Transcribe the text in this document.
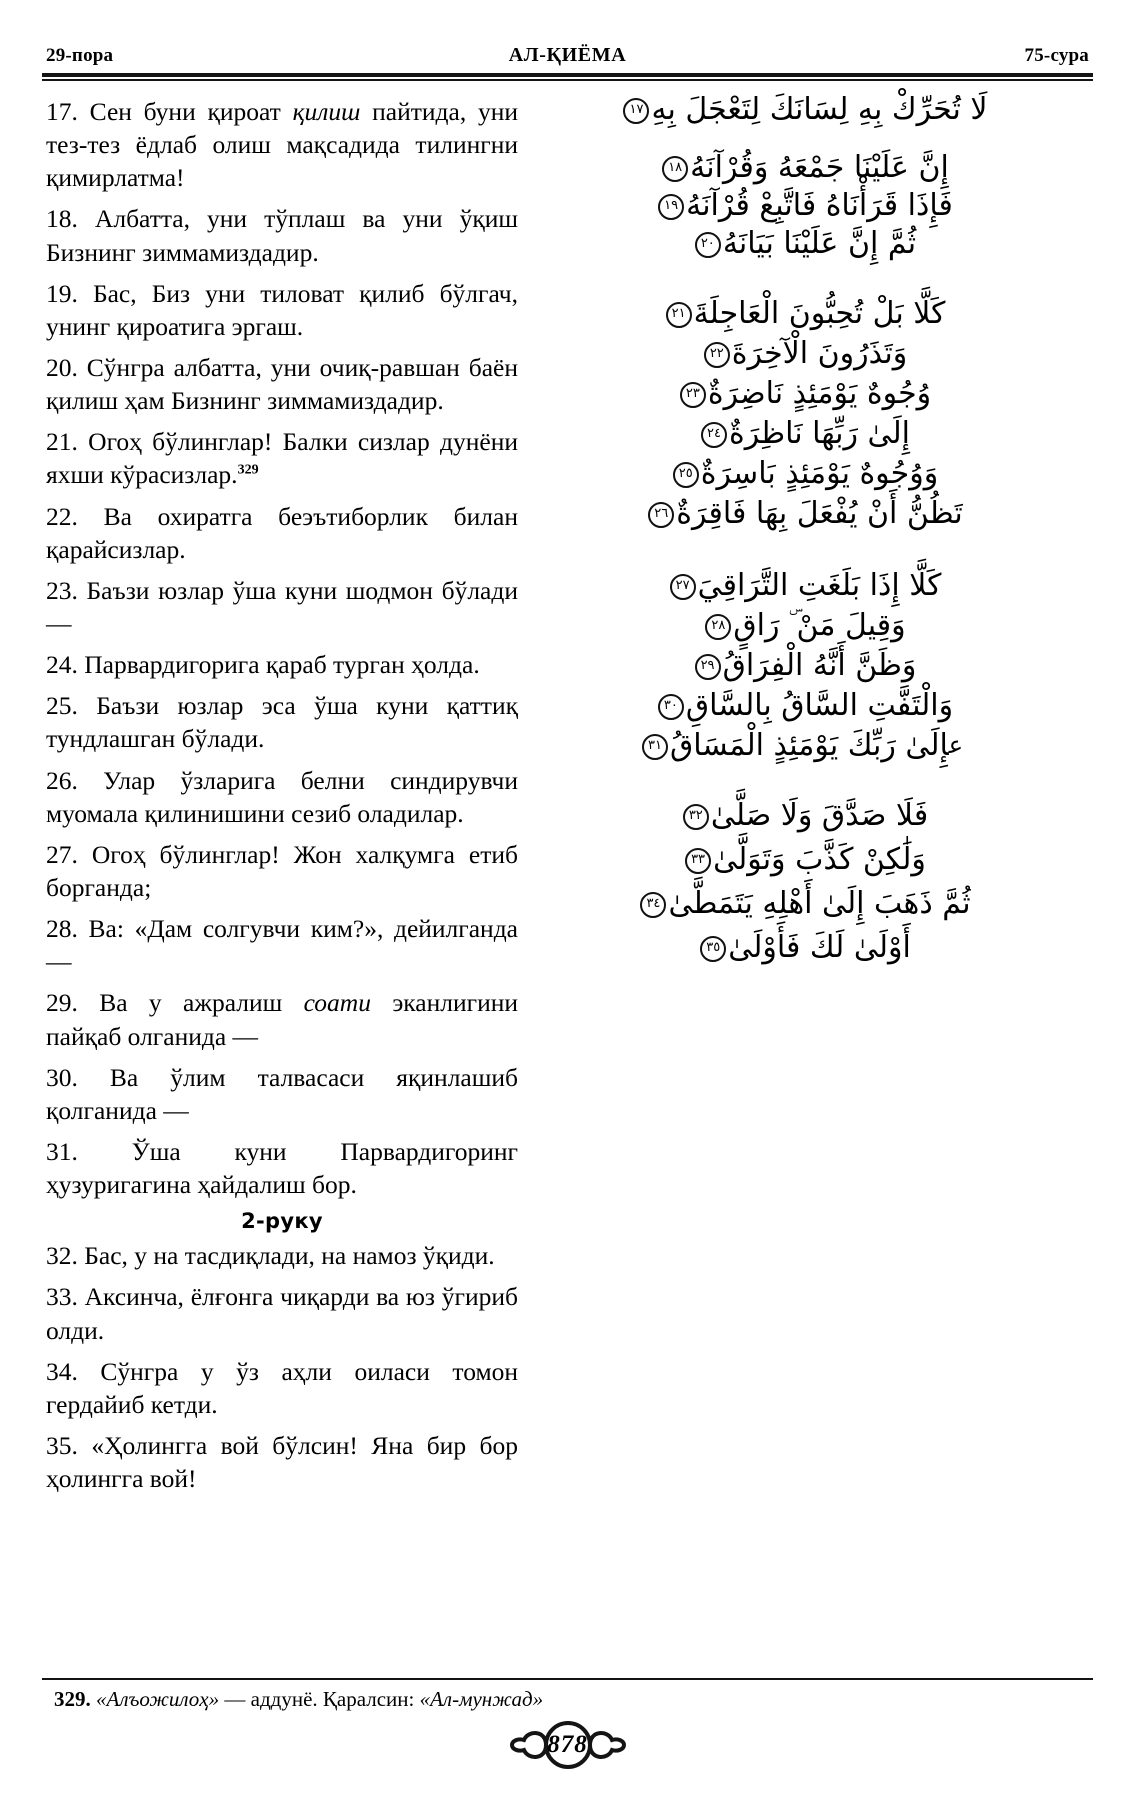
29-пора	АЛ-ҚИЁМА	75-сура

17. Сен буни қироат қилиш пайтида, уни тез-тез ёдлаб олиш мақсадида тилингни қимирлатма!

18. Албатта, уни тўплаш ва уни ўқиш Бизнинг зиммамиздадир.

19. Бас, Биз уни тиловат қилиб бўлгач, унинг қироатига эргаш.

20. Сўнгра албатта, уни очиқ-равшан баён қилиш ҳам Бизнинг зиммамиздадир.

21. Огоҳ бўлинглар! Балки сизлар дунёни яхши кўрасизлар.$^{329}$

22. Ва охиратга беэътиборлик билан қарайсизлар.

23. Баъзи юзлар ўша куни шодмон бўлади —

24. Парвардигорига қараб турган ҳолда.

25. Баъзи юзлар эса ўша куни қаттиқ тундлашган бўлади.

26. Улар ўзларига белни синдирувчи муомала қилинишини сезиб оладилар.

27. Огоҳ бўлинглар! Жон халқумга етиб борганда;

28. Ва: «Дам солгувчи ким?», дейилганда —

29. Ва у ажралиш соати эканлигини пайқаб олганида —

30. Ва ўлим талвасаси яқинлашиб қолганида —

31. Ўша куни Парвардигоринг ҳузуригагина ҳайдалиш бор.

2-руку

32. Бас, у на тасдиқлади, на намоз ўқиди.

33. Аксинча, ёлғонга чиқарди ва юз ўгириб олди.

34. Сўнгра у ўз аҳли оиласи томон гердайиб кетди.

35. «Ҳолингга вой бўлсин! Яна бир бор ҳолингга вой!

لَا تُحَرِّكْ بِهِ لِسَانَكَ لِتَعْجَلَ بِهِ١٧
إِنَّ عَلَيْنَا جَمْعَهُ وَقُرْآنَهُ١٨
فَإِذَا قَرَأْنَاهُ فَاتَّبِعْ قُرْآنَهُ١٩
ثُمَّ إِنَّ عَلَيْنَا بَيَانَهُ٢٠
كَلَّا بَلْ تُحِبُّونَ الْعَاجِلَةَ٢١
وَتَذَرُونَ الْآخِرَةَ٢٢
وُجُوهٌ يَوْمَئِذٍ نَاضِرَةٌ٢٣
إِلَىٰ رَبِّهَا نَاظِرَةٌ٢٤
وَوُجُوهٌ يَوْمَئِذٍ بَاسِرَةٌ٢٥
تَظُنُّ أَنْ يُفْعَلَ بِهَا فَاقِرَةٌ٢٦
كَلَّا إِذَا بَلَغَتِ التَّرَاقِيَ٢٧
وَقِيلَ مَنْ ۜ رَاقٍ٢٨
وَظَنَّ أَنَّهُ الْفِرَاقُ٢٩
وَالْتَفَّتِ السَّاقُ بِالسَّاقِ٣٠
عإِلَىٰ رَبِّكَ يَوْمَئِذٍ الْمَسَاقُ٣١
فَلَا صَدَّقَ وَلَا صَلَّىٰ٣٢
وَلَٰكِنْ كَذَّبَ وَتَوَلَّىٰ٣٣
ثُمَّ ذَهَبَ إِلَىٰ أَهْلِهِ يَتَمَطَّىٰ٣٤
أَوْلَىٰ لَكَ فَأَوْلَىٰ٣٥
329. «Алъожилоҳ» — аддунё. Қаралсин: «Ал-мунжад»
878
